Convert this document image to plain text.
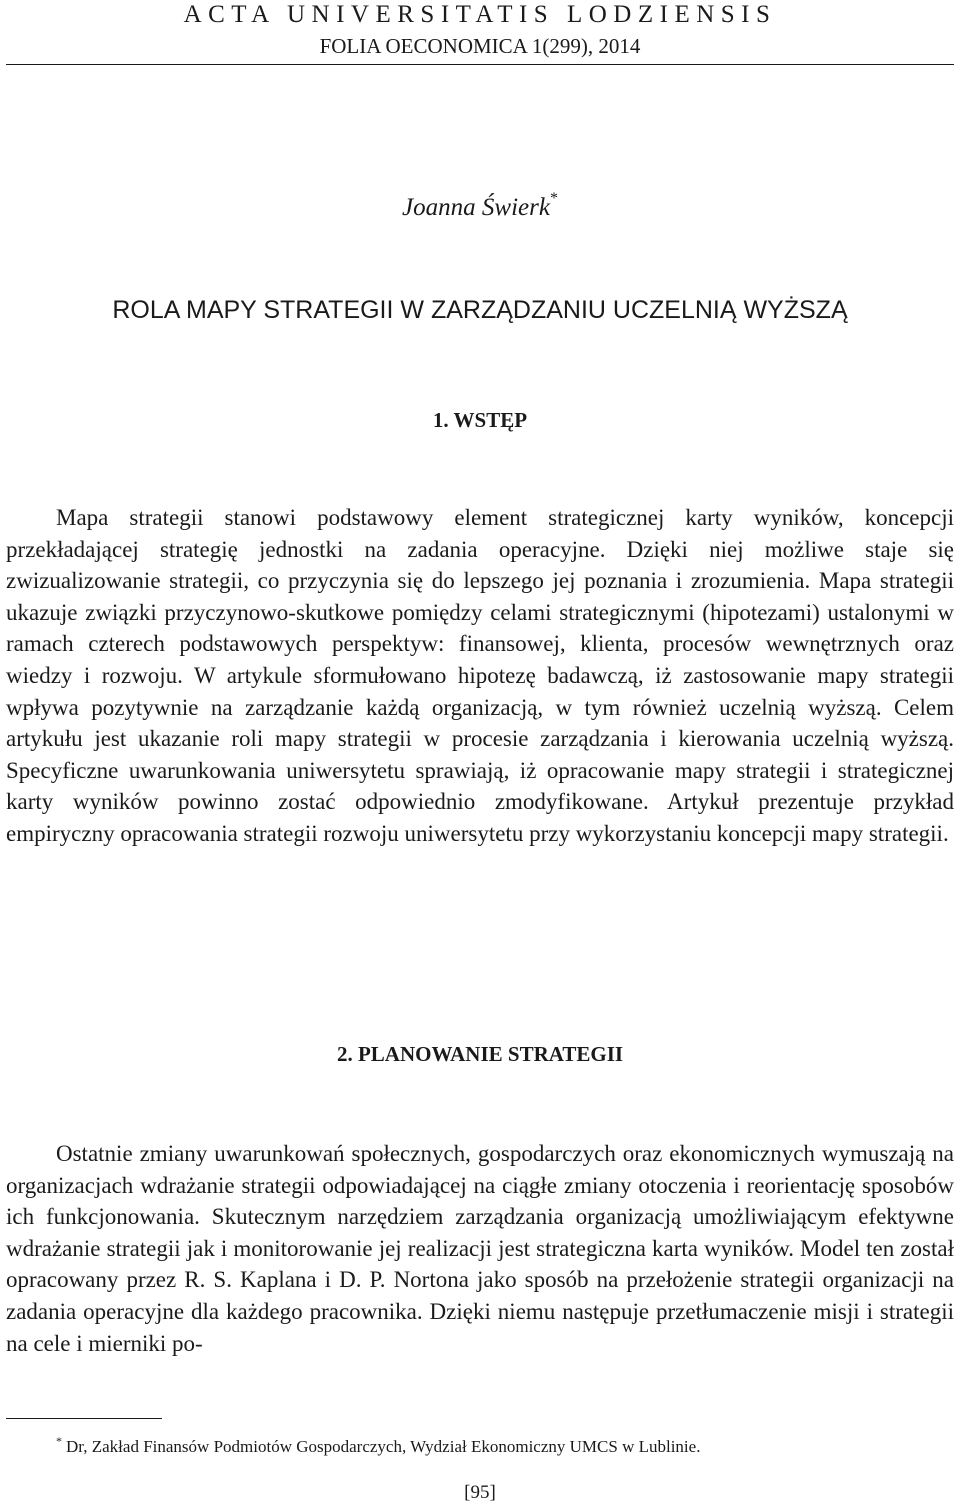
ACTA UNIVERSITATIS LODZIENSIS
FOLIA OECONOMICA 1(299), 2014
Joanna Świerk*
ROLA MAPY STRATEGII W ZARZĄDZANIU UCZELNIĄ WYŻSZĄ
1. WSTĘP

Mapa strategii stanowi podstawowy element strategicznej karty wyników, koncepcji przekładającej strategię jednostki na zadania operacyjne. Dzięki niej możliwe staje się zwizualizowanie strategii, co przyczynia się do lepszego jej poznania i zrozumienia. Mapa strategii ukazuje związki przyczynowo-skutkowe pomiędzy celami strategicznymi (hipotezami) ustalonymi w ramach czterech podstawowych perspektyw: finansowej, klienta, procesów wewnętrznych oraz wiedzy i rozwoju. W artykule sformułowano hipotezę badawczą, iż zastosowanie mapy strategii wpływa pozytywnie na zarządzanie każdą organizacją, w tym również uczelnią wyższą. Celem artykułu jest ukazanie roli mapy strategii w procesie zarządzania i kierowania uczelnią wyższą. Specyficzne uwarunkowania uniwersytetu sprawiają, iż opracowanie mapy strategii i strategicznej karty wyników powinno zostać odpowiednio zmodyfikowane. Artykuł prezentuje przykład empiryczny opracowania strategii rozwoju uniwersytetu przy wykorzystaniu koncepcji mapy strategii.

2. PLANOWANIE STRATEGII

Ostatnie zmiany uwarunkowań społecznych, gospodarczych oraz ekonomicznych wymuszają na organizacjach wdrażanie strategii odpowiadającej na ciągłe zmiany otoczenia i reorientację sposobów ich funkcjonowania. Skutecznym narzędziem zarządzania organizacją umożliwiającym efektywne wdrażanie strategii jak i monitorowanie jej realizacji jest strategiczna karta wyników. Model ten został opracowany przez R. S. Kaplana i D. P. Nortona jako sposób na przełożenie strategii organizacji na zadania operacyjne dla każdego pracownika. Dzięki niemu następuje przetłumaczenie misji i strategii na cele i mierniki po-

* Dr, Zakład Finansów Podmiotów Gospodarczych, Wydział Ekonomiczny UMCS w Lublinie.
[95]
